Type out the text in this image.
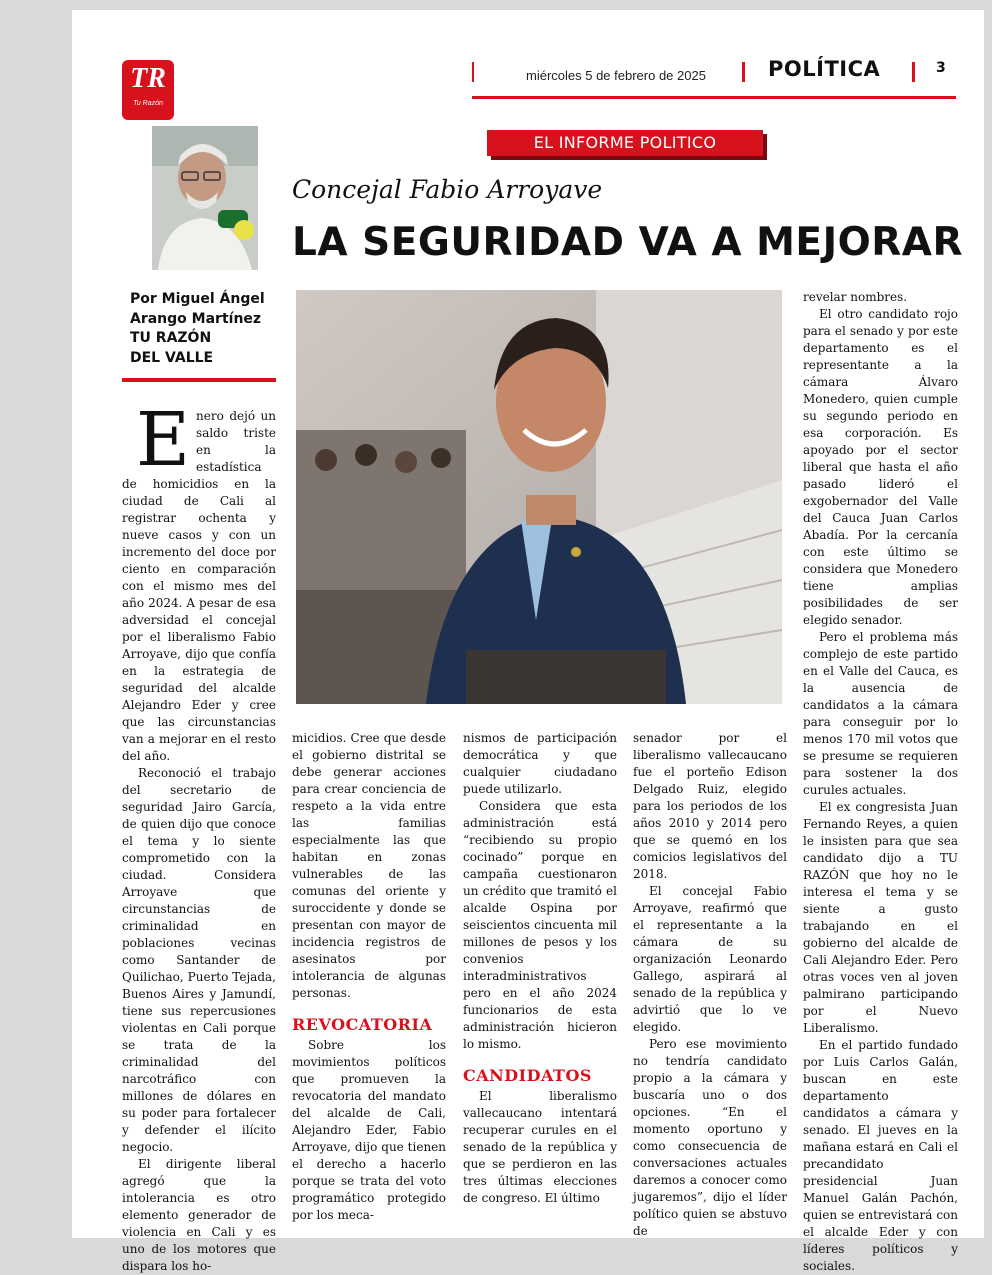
TR
Tu Razón
miércoles 5 de febrero de 2025	POLÍTICA	3
EL INFORME POLITICO
Concejal Fabio Arroyave
LA SEGURIDAD VA A MEJORAR
Por Miguel Ángel
Arango Martínez
TU RAZÓN
DEL VALLE
E nero dejó un saldo triste en la estadística de homicidios en la ciudad de Cali al registrar ochenta y nueve casos y con un incremento del doce por ciento en comparación con el mismo mes del año 2024. A pesar de esa adversidad el concejal por el liberalismo Fabio Arroyave, dijo que confía en la estrategia de seguridad del alcalde Alejandro Eder y cree que las circunstancias van a mejorar en el resto del año.

Reconoció el trabajo del secretario de seguridad Jairo García, de quien dijo que conoce el tema y lo siente comprometido con la ciudad. Considera Arroyave que circunstancias de criminalidad en poblaciones vecinas como Santander de Quilichao, Puerto Tejada, Buenos Aires y Jamundí, tiene sus repercusiones violentas en Cali porque se trata de la criminalidad del narcotráfico con millones de dólares en su poder para fortalecer y defender el ilícito negocio.

El dirigente liberal agregó que la intolerancia es otro elemento generador de violencia en Cali y es uno de los motores que dispara los ho-

micidios. Cree que desde el gobierno distrital se debe generar acciones para crear conciencia de respeto a la vida entre las familias especialmente las que habitan en zonas vulnerables de las comunas del oriente y suroccidente y donde se presentan con mayor de incidencia registros de asesinatos por intolerancia de algunas personas.

REVOCATORIA

Sobre los movimientos políticos que promueven la revocatoria del mandato del alcalde de Cali, Alejandro Eder, Fabio Arroyave, dijo que tienen el derecho a hacerlo porque se trata del voto programático protegido por los meca-

nismos de participación democrática y que cualquier ciudadano puede utilizarlo.

Considera que esta administración está “recibiendo su propio cocinado” porque en campaña cuestionaron un crédito que tramitó el alcalde Ospina por seiscientos cincuenta mil millones de pesos y los convenios interadministrativos pero en el año 2024 funcionarios de esta administración hicieron lo mismo.

CANDIDATOS

El liberalismo vallecaucano intentará recuperar curules en el senado de la república y que se perdieron en las tres últimas elecciones de congreso. El último

senador por el liberalismo vallecaucano fue el porteño Edison Delgado Ruiz, elegido para los periodos de los años 2010 y 2014 pero que se quemó en los comicios legislativos del 2018.

El concejal Fabio Arroyave, reafirmó que el representante a la cámara de su organización Leonardo Gallego, aspirará al senado de la república y advirtió que lo ve elegido.

Pero ese movimiento no tendría candidato propio a la cámara y buscaría uno o dos opciones. “En el momento oportuno y como consecuencia de conversaciones actuales daremos a conocer como jugaremos”, dijo el líder político quien se abstuvo de

revelar nombres.

El otro candidato rojo para el senado y por este departamento es el representante a la cámara Álvaro Monedero, quien cumple su segundo periodo en esa corporación. Es apoyado por el sector liberal que hasta el año pasado lideró el exgobernador del Valle del Cauca Juan Carlos Abadía. Por la cercanía con este último se considera que Monedero tiene amplias posibilidades de ser elegido senador.

Pero el problema más complejo de este partido en el Valle del Cauca, es la ausencia de candidatos a la cámara para conseguir por lo menos 170 mil votos que se presume se requieren para sostener la dos curules actuales.

El ex congresista Juan Fernando Reyes, a quien le insisten para que sea candidato dijo a TU RAZÓN que hoy no le interesa el tema y se siente a gusto trabajando en el gobierno del alcalde de Cali Alejandro Eder. Pero otras voces ven al joven palmirano participando por el Nuevo Liberalismo.

En el partido fundado por Luis Carlos Galán, buscan en este departamento candidatos a cámara y senado. El jueves en la mañana estará en Cali el precandidato presidencial Juan Manuel Galán Pachón, quien se entrevistará con el alcalde Eder y con líderes políticos y sociales.
